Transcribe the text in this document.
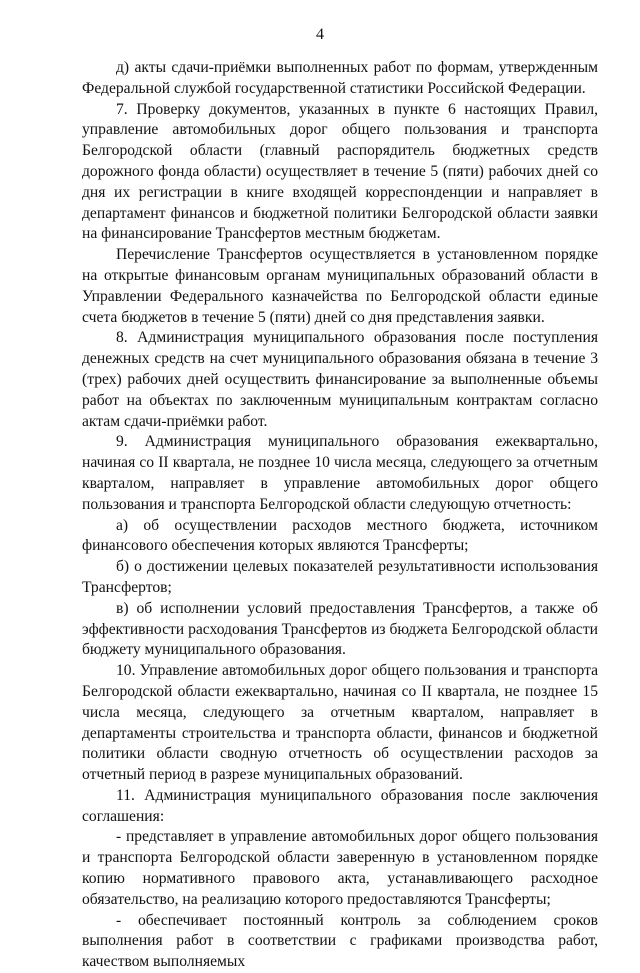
4

д) акты сдачи-приёмки выполненных работ по формам, утвержденным Федеральной службой государственной статистики Российской Федерации.

7. Проверку документов, указанных в пункте 6 настоящих Правил, управление автомобильных дорог общего пользования и транспорта Белгородской области (главный распорядитель бюджетных средств дорожного фонда области) осуществляет в течение 5 (пяти) рабочих дней со дня их регистрации в книге входящей корреспонденции и направляет в департамент финансов и бюджетной политики Белгородской области заявки на финансирование Трансфертов местным бюджетам.

Перечисление Трансфертов осуществляется в установленном порядке на открытые финансовым органам муниципальных образований области в Управлении Федерального казначейства по Белгородской области единые счета бюджетов в течение 5 (пяти) дней со дня представления заявки.

8. Администрация муниципального образования после поступления денежных средств на счет муниципального образования обязана в течение 3 (трех) рабочих дней осуществить финансирование за выполненные объемы работ на объектах по заключенным муниципальным контрактам согласно актам сдачи-приёмки работ.

9. Администрация муниципального образования ежеквартально, начиная со II квартала, не позднее 10 числа месяца, следующего за отчетным кварталом, направляет в управление автомобильных дорог общего пользования и транспорта Белгородской области следующую отчетность:

а) об осуществлении расходов местного бюджета, источником финансового обеспечения которых являются Трансферты;

б) о достижении целевых показателей результативности использования Трансфертов;

в) об исполнении условий предоставления Трансфертов, а также об эффективности расходования Трансфертов из бюджета Белгородской области бюджету муниципального образования.

10. Управление автомобильных дорог общего пользования и транспорта Белгородской области ежеквартально, начиная со II квартала, не позднее 15 числа месяца, следующего за отчетным кварталом, направляет в департаменты строительства и транспорта области, финансов и бюджетной политики области сводную отчетность об осуществлении расходов за отчетный период в разрезе муниципальных образований.

11. Администрация муниципального образования после заключения соглашения:

- представляет в управление автомобильных дорог общего пользования и транспорта Белгородской области заверенную в установленном порядке копию нормативного правового акта, устанавливающего расходное обязательство, на реализацию которого предоставляются Трансферты;

- обеспечивает постоянный контроль за соблюдением сроков выполнения работ в соответствии с графиками производства работ, качеством выполняемых
